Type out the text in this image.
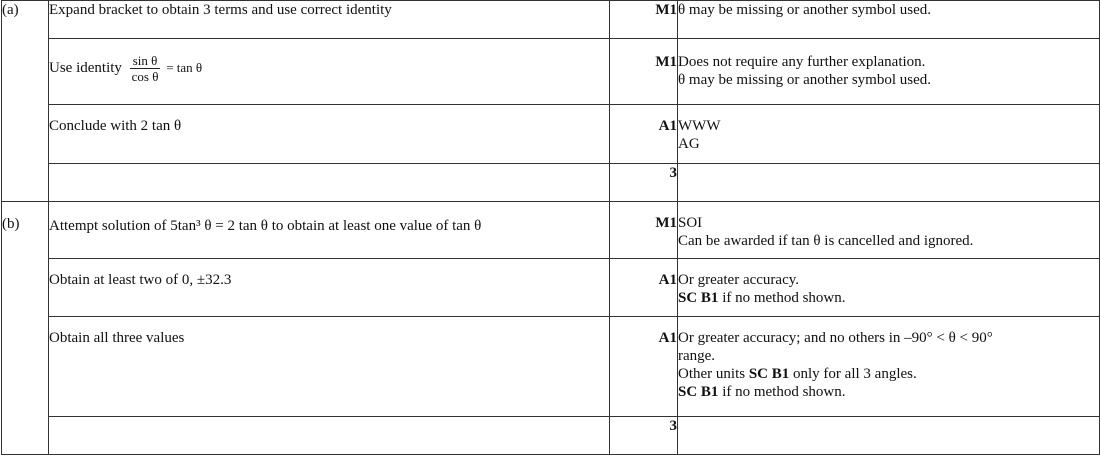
(a)	Expand bracket to obtain 3 terms and use correct identity	M1	θ may be missing or another symbol used.
	Use identity $\frac{\text{sin θ}}{\text{cos θ}} = \tan \theta$	M1	Does not require any further explanation.
θ may be missing or another symbol used.

	Conclude with 2 tan θ	A1	WWW
AG

		3	
(b)	Attempt solution of 5tan³ θ = 2 tan θ to obtain at least one value of tan θ	M1	SOI
Can be awarded if tan θ is cancelled and ignored.

	Obtain at least two of 0, ±32.3	A1	Or greater accuracy.
SC B1 if no method shown.

	Obtain all three values	A1	Or greater accuracy; and no others in –90° < θ < 90°
range.
Other units SC B1 only for all 3 angles.
SC B1 if no method shown.

		3	
